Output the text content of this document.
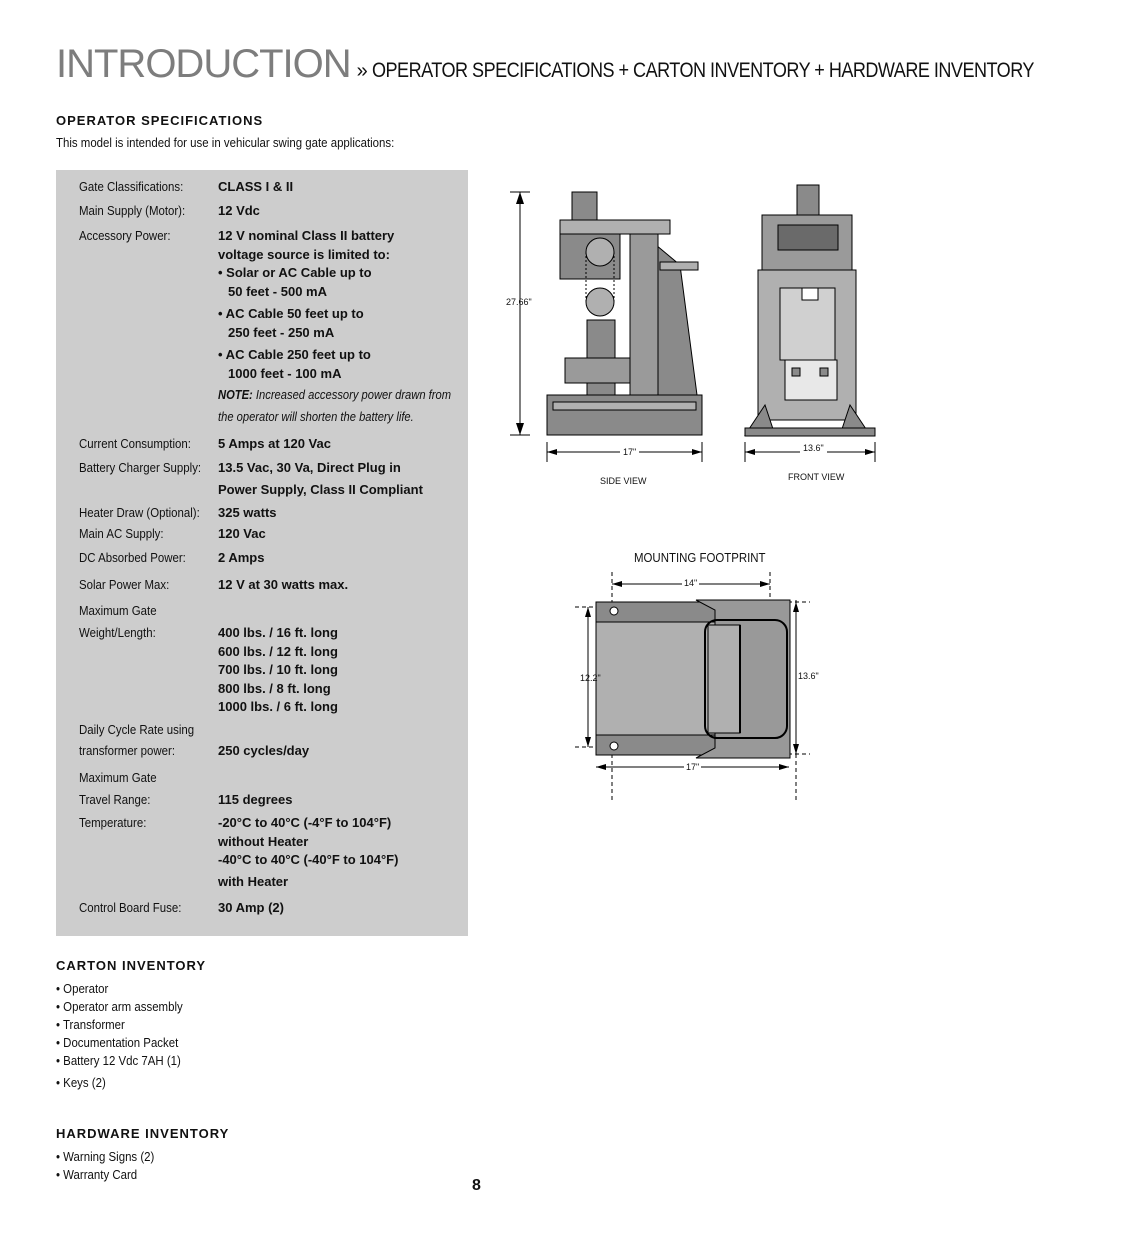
INTRODUCTION » OPERATOR SPECIFICATIONS + CARTON INVENTORY + HARDWARE INVENTORY
OPERATOR SPECIFICATIONS
This model is intended for use in vehicular swing gate applications:
Gate Classifications:	CLASS I & II
Main Supply (Motor):	12 Vdc
Accessory Power:	12 V nominal Class II battery
voltage source is limited to:
• Solar or AC Cable up to
50 feet - 500 mA
• AC Cable 50 feet up to
250 feet - 250 mA
• AC Cable 250 feet up to
1000 feet - 100 mA
NOTE: Increased accessory power drawn from
the operator will shorten the battery life.
Current Consumption:	5 Amps at 120 Vac
Battery Charger Supply: 13.5 Vac, 30 Va, Direct Plug in
Power Supply, Class II Compliant
Heater Draw (Optional): 325 watts
Main AC Supply:	120 Vac
DC Absorbed Power:	2 Amps
Solar Power Max:	12 V at 30 watts max.
Maximum Gate
Weight/Length:	400 lbs. / 16 ft. long
600 lbs. / 12 ft. long
700 lbs. / 10 ft. long
800 lbs. / 8 ft. long
1000 lbs. / 6 ft. long
Daily Cycle Rate using
transformer power:	250 cycles/day
Maximum Gate
Travel Range:	115 degrees
Temperature:	-20°C to 40°C (-4°F to 104°F)
without Heater
-40°C to 40°C (-40°F to 104°F)
with Heater
Control Board Fuse:	30 Amp (2)
27.66"
17"
SIDE VIEW
13.6"
FRONT VIEW
MOUNTING FOOTPRINT
14"
12.2"	13.6"
17"
CARTON INVENTORY
• Operator
• Operator arm assembly
• Transformer
• Documentation Packet
• Battery 12 Vdc 7AH (1)
• Keys (2)
HARDWARE INVENTORY
• Warning Signs (2)
• Warranty Card
8
